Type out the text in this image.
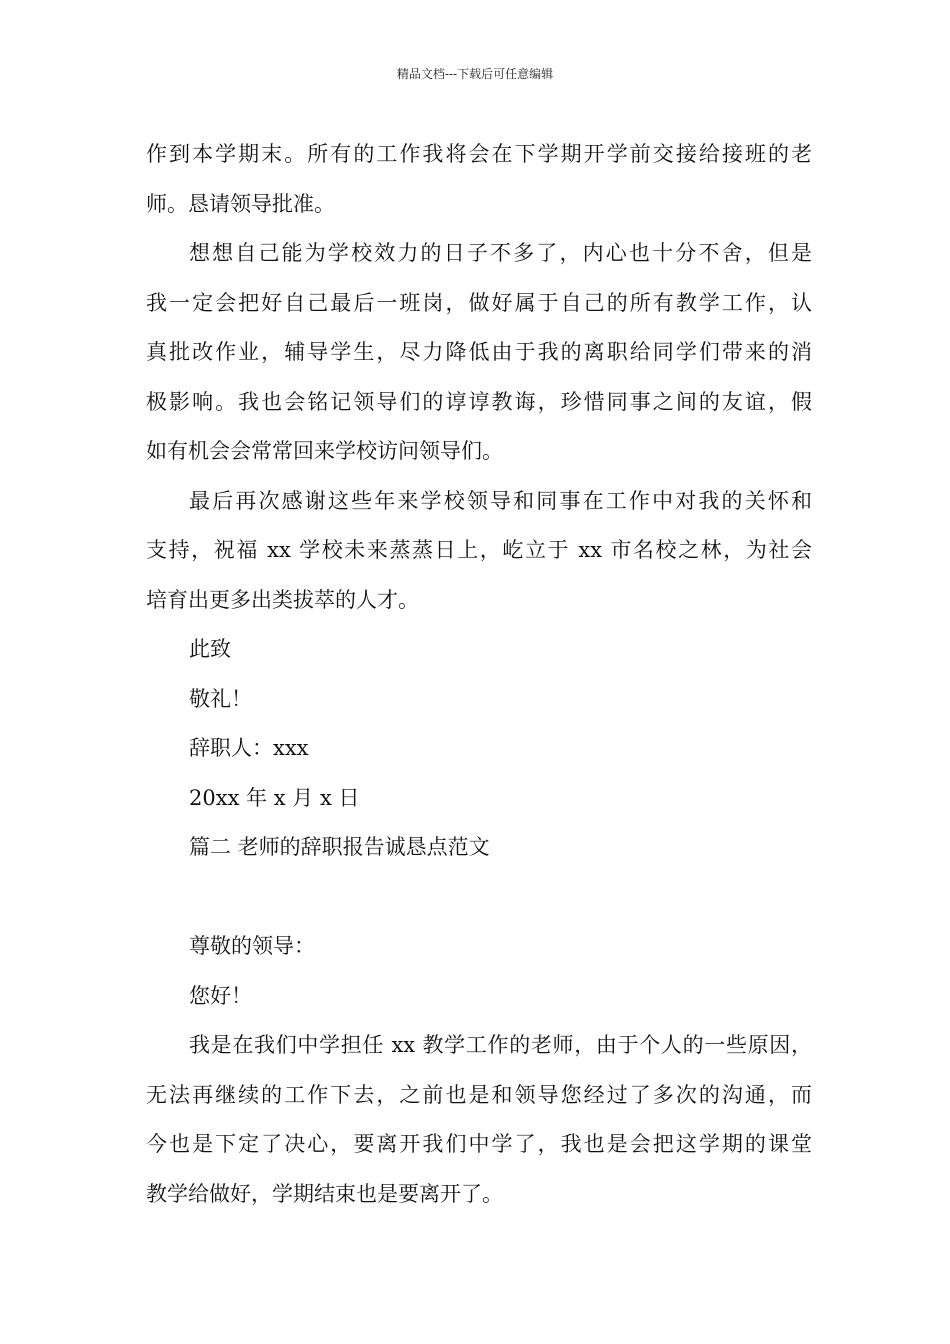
精品文档---下载后可任意编辑
作到本学期末。所有的工作我将会在下学期开学前交接给接班的老
师。恳请领导批准。
想想自己能为学校效力的日子不多了，内心也十分不舍，但是
我一定会把好自己最后一班岗，做好属于自己的所有教学工作，认
真批改作业，辅导学生，尽力降低由于我的离职给同学们带来的消
极影响。我也会铭记领导们的谆谆教诲，珍惜同事之间的友谊，假
如有机会会常常回来学校访问领导们。
最后再次感谢这些年来学校领导和同事在工作中对我的关怀和
支持，祝福 xx 学校未来蒸蒸日上，屹立于 xx 市名校之林，为社会
培育出更多出类拔萃的人才。
此致
敬礼！
辞职人：xxx
20xx 年 x 月 x 日
篇二 老师的辞职报告诚恳点范文
尊敬的领导：
您好！
我是在我们中学担任 xx 教学工作的老师，由于个人的一些原因，
无法再继续的工作下去，之前也是和领导您经过了多次的沟通，而
今也是下定了决心，要离开我们中学了，我也是会把这学期的课堂
教学给做好，学期结束也是要离开了。
